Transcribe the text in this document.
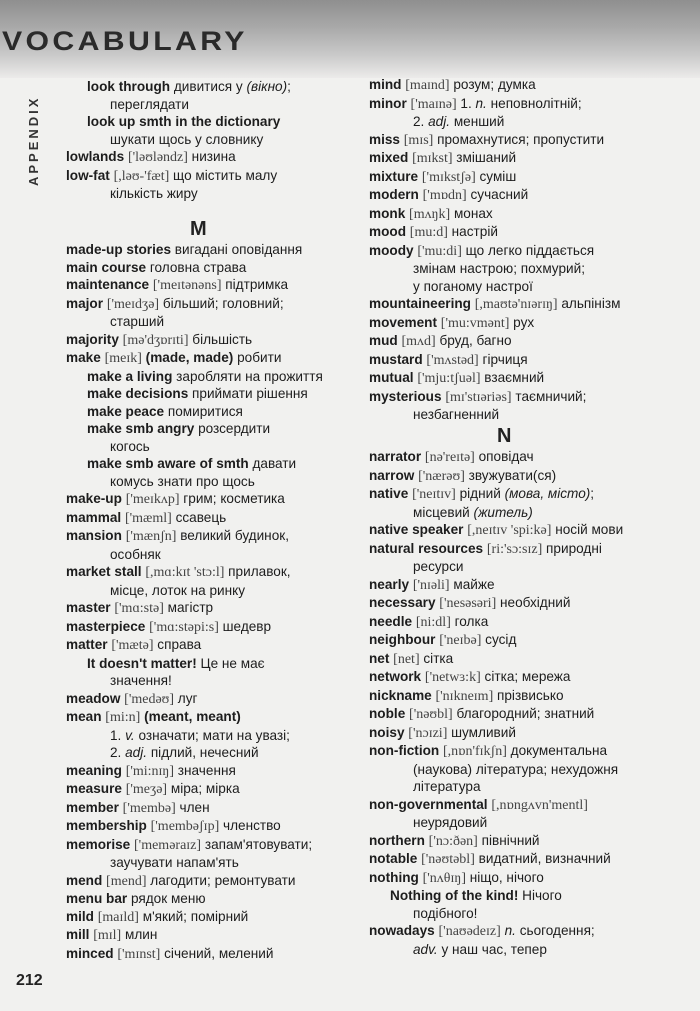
VOCABULARY
APPENDIX
look through дивитися у (вікно);
переглядати
look up smth in the dictionary
шукати щось у словнику
lowlands ['ləʊləndz] низина
low-fat [,ləʊ-'fæt] що містить малу
кількість жиру
M
made-up stories вигадані оповідання
main course головна страва
maintenance ['meɪtənəns] підтримка
major ['meɪdʒə] більший; головний;
старший
majority [mə'dʒɒrɪti] більшість
make [meɪk] (made, made) робити
make a living заробляти на прожиття
make decisions приймати рішення
make peace помиритися
make smb angry розсердити
когось
make smb aware of smth давати
комусь знати про щось
make-up ['meɪkʌp] грим; косметика
mammal ['mæml] ссавець
mansion ['mænʃn] великий будинок,
особняк
market stall [,mɑ:kɪt 'stɔ:l] прилавок,
місце, лоток на ринку
master ['mɑ:stə] магістр
masterpiece ['mɑ:stəpi:s] шедевр
matter ['mætə] справа
It doesn't matter! Це не має
значення!
meadow ['medəʊ] луг
mean [mi:n] (meant, meant)
1. v. означати; мати на увазі;
2. adj. підлий, нечесний
meaning ['mi:nɪŋ] значення
measure ['meʒə] міра; мірка
member ['membə] член
membership ['membəʃɪp] членство
memorise ['meməraɪz] запам'ятовувати;
заучувати напам'ять
mend [mend] лагодити; ремонтувати
menu bar рядок меню
mild [maɪld] м'який; помірний
mill [mɪl] млин
minced ['mɪnst] січений, мелений
mind [maɪnd] розум; думка
minor ['maɪnə] 1. n. неповнолітній;
2. adj. менший
miss [mɪs] промахнутися; пропустити
mixed [mɪkst] змішаний
mixture ['mɪkstʃə] суміш
modern ['mɒdn] сучасний
monk [mʌŋk] монах
mood [mu:d] настрій
moody ['mu:di] що легко піддається
змінам настрою; похмурий;
у поганому настрої
mountaineering [,maʊtə'nɪərɪŋ] альпінізм
movement ['mu:vmənt] рух
mud [mʌd] бруд, багно
mustard ['mʌstəd] гірчиця
mutual ['mju:tʃuəl] взаємний
mysterious [mɪ'stɪəriəs] таємничий;
незбагненний
N
narrator [nə'reɪtə] оповідач
narrow ['nærəʊ] звужувати(ся)
native ['neɪtɪv] рідний (мова, місто);
місцевий (житель)
native speaker [,neɪtɪv 'spi:kə] носій мови
natural resources [ri:'sɔ:sɪz] природні
ресурси
nearly ['nɪəli] майже
necessary ['nesəsəri] необхідний
needle [ni:dl] голка
neighbour ['neɪbə] сусід
net [net] сітка
network ['netwɜ:k] сітка; мережа
nickname ['nɪkneɪm] прізвисько
noble ['nəʊbl] благородний; знатний
noisy ['nɔɪzi] шумливий
non-fiction [,nɒn'fɪkʃn] документальна
(наукова) література; нехудожня
література
non-governmental [,nɒngʌvn'mentl]
неурядовий
northern ['nɔ:ðən] північний
notable ['nəʊtəbl] видатний, визначний
nothing ['nʌθɪŋ] ніщо, нічого
Nothing of the kind! Нічого
подібного!
nowadays ['naʊədeɪz] n. сьогодення;
adv. у наш час, тепер
212
